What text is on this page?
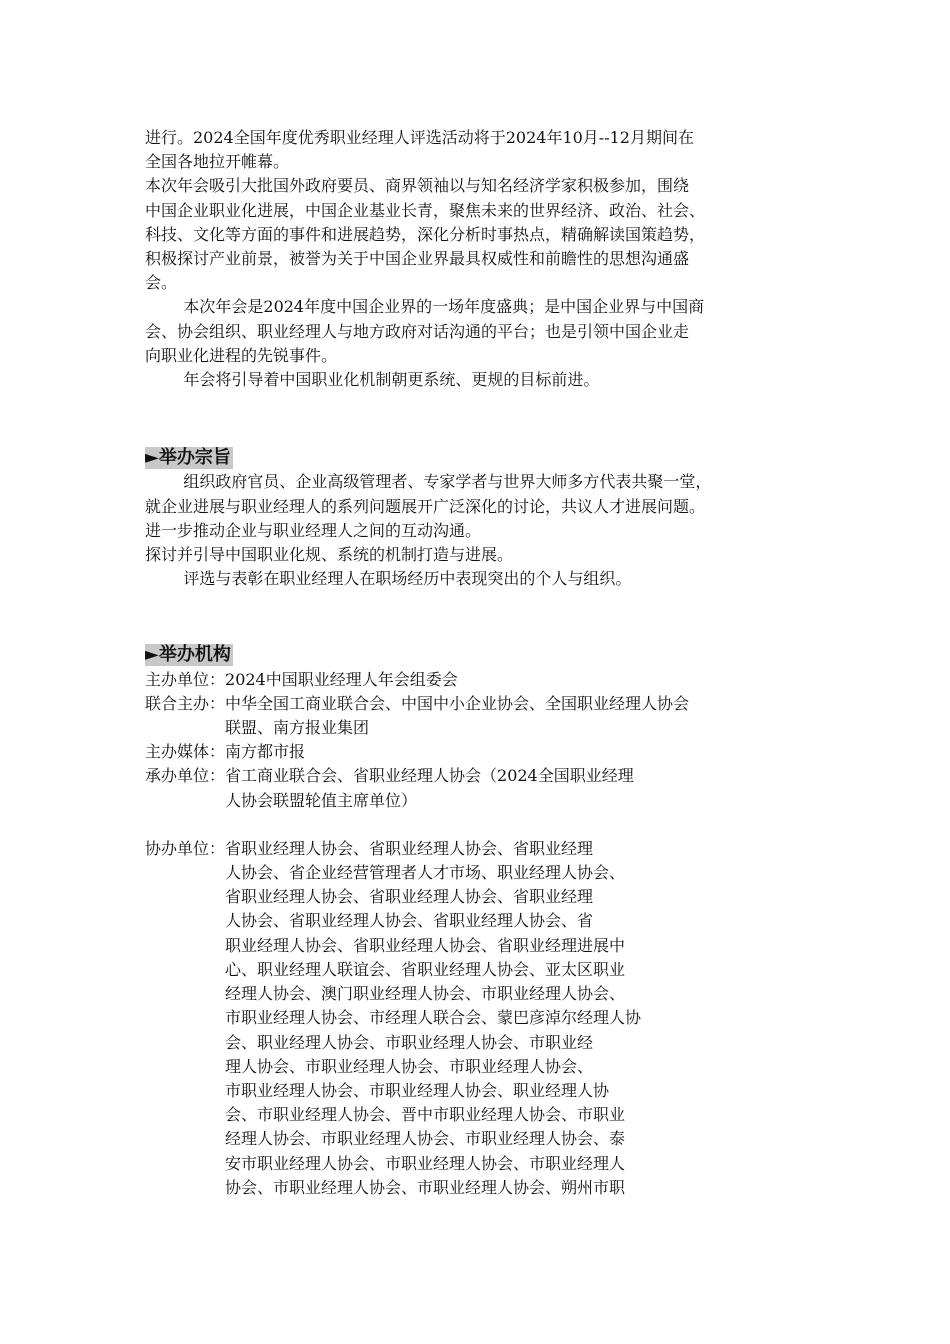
进行。2024全国年度优秀职业经理人评选活动将于2024年10月--12月期间在
全国各地拉开帷幕。
本次年会吸引大批国外政府要员、商界领袖以与知名经济学家积极参加，围绕
中国企业职业化进展，中国企业基业长青，聚焦未来的世界经济、政治、社会、
科技、文化等方面的事件和进展趋势，深化分析时事热点，精确解读国策趋势，
积极探讨产业前景，被誉为关于中国企业界最具权威性和前瞻性的思想沟通盛
会。
本次年会是2024年度中国企业界的一场年度盛典；是中国企业界与中国商
会、协会组织、职业经理人与地方政府对话沟通的平台；也是引领中国企业走
向职业化进程的先锐事件。
年会将引导着中国职业化机制朝更系统、更规的目标前进。
►举办宗旨
组织政府官员、企业高级管理者、专家学者与世界大师多方代表共聚一堂，
就企业进展与职业经理人的系列问题展开广泛深化的讨论，共议人才进展问题。
进一步推动企业与职业经理人之间的互动沟通。
探讨并引导中国职业化规、系统的机制打造与进展。
评选与表彰在职业经理人在职场经历中表现突出的个人与组织。
►举办机构
主办单位： 2024中国职业经理人年会组委会
联合主办： 中华全国工商业联合会、中国中小企业协会、全国职业经理人协会
联盟、南方报业集团
主办媒体： 南方都市报
承办单位： 省工商业联合会、省职业经理人协会（2024全国职业经理
人协会联盟轮值主席单位）
协办单位： 省职业经理人协会、省职业经理人协会、省职业经理
人协会、省企业经营管理者人才市场、职业经理人协会、
省职业经理人协会、省职业经理人协会、省职业经理
人协会、省职业经理人协会、省职业经理人协会、省
职业经理人协会、省职业经理人协会、省职业经理进展中
心、职业经理人联谊会、省职业经理人协会、亚太区职业
经理人协会、澳门职业经理人协会、市职业经理人协会、
市职业经理人协会、市经理人联合会、蒙巴彦淖尔经理人协
会、职业经理人协会、市职业经理人协会、市职业经
理人协会、市职业经理人协会、市职业经理人协会、
市职业经理人协会、市职业经理人协会、职业经理人协
会、市职业经理人协会、晋中市职业经理人协会、市职业
经理人协会、市职业经理人协会、市职业经理人协会、泰
安市职业经理人协会、市职业经理人协会、市职业经理人
协会、市职业经理人协会、市职业经理人协会、朔州市职
